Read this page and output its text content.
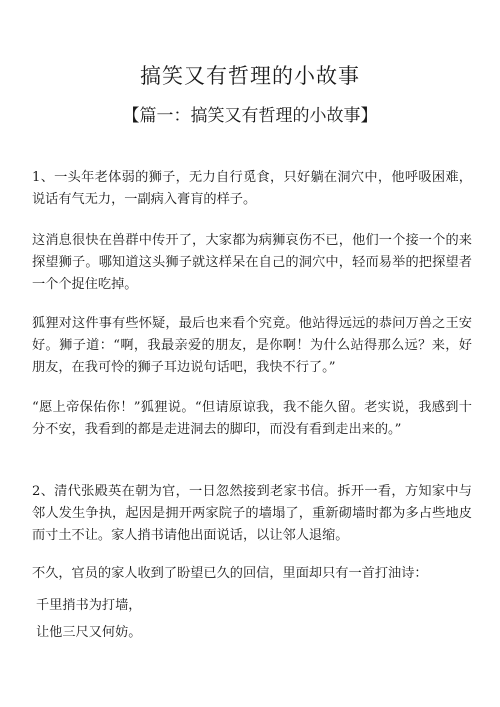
搞笑又有哲理的小故事
【篇一：搞笑又有哲理的小故事】

1、一头年老体弱的狮子，无力自行觅食，只好躺在洞穴中，他呼吸困难，说话有气无力，一副病入膏肓的样子。

这消息很快在兽群中传开了，大家都为病狮哀伤不已，他们一个接一个的来探望狮子。哪知道这头狮子就这样呆在自己的洞穴中，轻而易举的把探望者一个个捉住吃掉。

狐狸对这件事有些怀疑，最后也来看个究竟。他站得远远的恭问万兽之王安好。狮子道：“啊，我最亲爱的朋友，是你啊！为什么站得那么远？来，好朋友，在我可怜的狮子耳边说句话吧，我快不行了。”

“愿上帝保佑你！”狐狸说。“但请原谅我，我不能久留。老实说，我感到十分不安，我看到的都是走进洞去的脚印，而没有看到走出来的。”

2、清代张殿英在朝为官，一日忽然接到老家书信。拆开一看，方知家中与邻人发生争执，起因是拥开两家院子的墙塌了，重新砌墙时都为多占些地皮而寸土不让。家人捎书请他出面说话，以让邻人退缩。

不久，官员的家人收到了盼望已久的回信，里面却只有一首打油诗：

千里捎书为打墙，

让他三尺又何妨。
